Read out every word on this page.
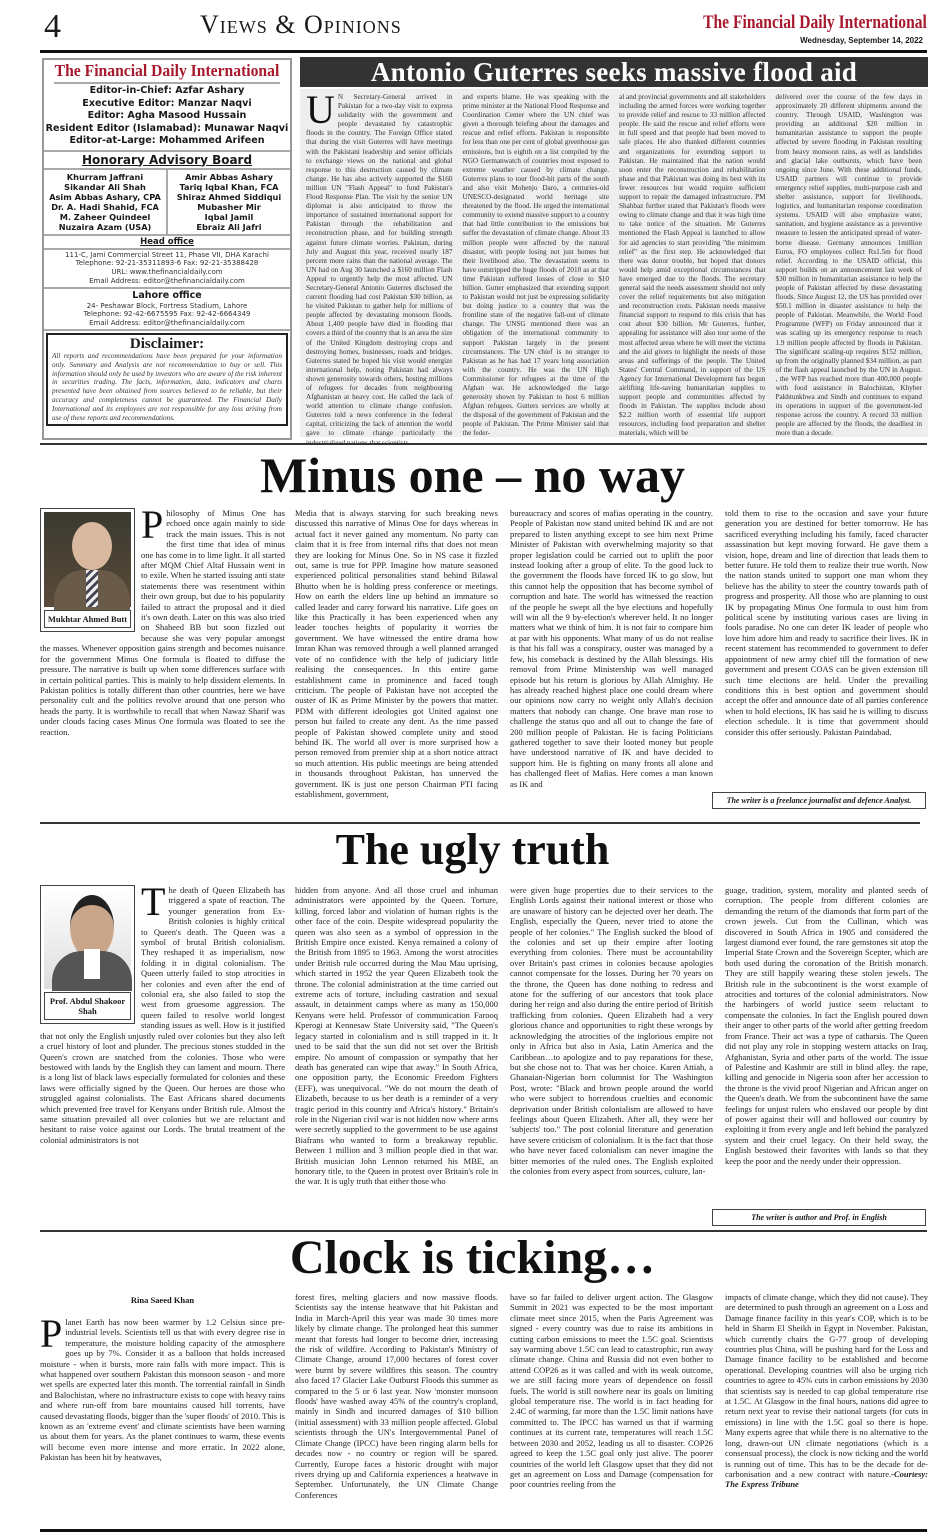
4	Views & Opinions	The Financial Daily International
Wednesday, September 14, 2022
The Financial Daily International
Editor-in-Chief: Azfar Ashary
Executive Editor: Manzar Naqvi
Editor: Agha Masood Hussain
Resident Editor (Islamabad): Munawar Naqvi
Editor-at-Large: Mohammed Arifeen
Honorary Advisory Board
Khurram Jaffrani
Sikandar Ali Shah
Asim Abbas Ashary, CPA
Dr. A. Hadi Shahid, FCA
M. Zaheer Quindeel
Nuzaira Azam (USA)
Amir Abbas Ashary
Tariq Iqbal Khan, FCA
Shiraz Ahmed Siddiqui
Mubasher Mir
Iqbal Jamil
Ebraiz Ali Jafri
Head office
111-C, Jami Commercial Street 11, Phase VII, DHA Karachi
Telephone: 92-21-35311893-6 Fax: 92-21-35388428
URL: www.thefinancialdaily.com
Email Address: editor@thefinancialdaily.com
Lahore office
24- Peshawar Block, Fortress Stadium, Lahore
Telephone: 92-42-6675595 Fax: 92-42-6664349
Email Address: editor@thefinancialdaily.com
Disclaimer:
All reports and recommendations have been prepared for your information only. Summary and Analysis are not recommendation to buy or sell. This information should only be used by investors who are aware of the risk inherent in securities trading. The facts, information, data, indicators and charts presented have been obtained from sources believed to be reliable, but their accuracy and completeness cannot be guaranteed. The Financial Daily International and its employees are not responsible for any loss arising from use of these reports and recommendations.
Antonio Guterres seeks massive flood aid
U N Secretary-General arrived in Pakistan for a two-day visit to express solidarity with the government and people devastated by catastrophic floods in the country. The Foreign Office stated that during the visit Guterres will have meetings with the Pakistani leadership and senior officials to exchange views on the national and global response to this destruction caused by climate change. He has also actively supported the $160 million UN "Flash Appeal" to fund Pakistan's Flood Response Plan. The visit by the senior UN diplomat is also anticipated to throw the importance of sustained international support for Pakistan through the rehabilitation and reconstruction phase, and for building strength against future climate worries. Pakistan, during July and August this year, received nearly 187 percent more rains than the national average. The UN had on Aug 30 launched a $160 million Flash Appeal to urgently help the most affected. UN Secretary-General Antonio Guterres disclosed the current flooding had cost Pakistan $30 billion, as he visited Pakistan to gather help for millions of people affected by devastating monsoon floods. About 1,400 people have died in flooding that covers a third of the country that is an area the size of the United Kingdom destroying crops and destroying homes, businesses, roads and bridges. Guterres stated he hoped his visit would energize international help, noting Pakistan had always shown generosity towards others, hosting millions of refugees for decades from neighbouring Afghanistan at heavy cost. He called the lack of world attention to climate change confusion. Guterres told a news conference in the federal capital, criticizing the lack of attention the world gave to climate change particularly the
and experts blame. He was speaking with the prime minister at the National Flood Response and Coordination Center where the UN chief was given a thorough briefing about the damages and rescue and relief efforts. Pakistan is responsible for less than one per cent of global greenhouse gas emissions, but is eighth on a list compiled by the NGO Germanwatch of countries most exposed to extreme weather caused by climate change. Guterres plans to tour flood-hit parts of the south and also visit Mohenjo Daro, a centuries-old UNESCO-designated world heritage site threatened by the flood. He urged the international community to extend massive support to a country that had little contribution to the emissions but suffer the devastation of climate change. About 33 million people were affected by the natural disaster, with people losing not just homes but their livelihood also. The devastation seems to have outstripped the huge floods of 2010 as at that time Pakistan suffered losses of close to $10 billion. Gutter emphasized that extending support to Pakistan would not just be expressing solidarity but doing justice to a country that was the frontline state of the negative fall-out of climate change. The UNSG mentioned there was an obligation of the international community to support Pakistan largely in the present circumstances. The UN chief is no stranger to Pakistan as he has had 17 years long association with the country. He was the UN High Commissioner for refugees at the time of the Afghan war. He acknowledged the large generosity shown by Pakistan to host 6 million Afghan refugees. Gutters services are wholly at the disposal of the government of Pakistan and the people of Pakistan. The Prime Minister said that the feder-
al and provincial governments and all stakeholders including the armed forces were working together to provide relief and rescue to 33 million affected people. He said the rescue and relief efforts were in full speed and that people had been moved to safe places. He also thanked different countries and organizations for extending support to Pakistan. He maintained that the nation would soon enter the reconstruction and rehabilitation phase and that Pakistan was doing its best with its fewer resources but would require sufficient support to repair the damaged infrastructure. PM Shahbaz further stated that Pakistan's floods were owing to climate change and that it was high time to take notice of the situation. Mr Guterres mentioned the Flash Appeal is launched to allow for aid agencies to start providing "the minimum relief" as the first step. He acknowledged that there was donor trouble, but hoped that donors would help amid exceptional circumstances that have emerged due to the floods. The secretary general said the needs assessment should not only cover the relief requirements but also mitigation and reconstruction costs. Pakistan needs massive financial support to respond to this crisis that has cost about $30 billion. Mr Guterres, further, appealing for assistance will also tour some of the most affected areas where he will meet the victims and the aid givers to highlight the needs of those areas and sufferings of the people. The United States' Central Command, in support of the US Agency for International Development has begun airlifting life-saving humanitarian supplies to support people and communities affected by floods in Pakistan. The supplies include about $2.2 million worth of essential life support resources, including food preparation and shelter materials, which will be
delivered over the course of the few days in approximately 20 different shipments around the country. Through USAID, Washington was providing an additional $20 million in humanitarian assistance to support the people affected by severe flooding in Pakistan resulting from heavy monsoon rains, as well as landslides and glacial lake outbursts, which have been ongoing since June. With these additional funds, USAID partners will continue to provide emergency relief supplies, multi-purpose cash and shelter assistance, support for livelihoods, logistics, and humanitarian response coordination systems. USAID will also emphasize water, sanitation, and hygiene assistance as a preventive measure to lessen the anticipated spread of water-borne disease. Germany announces 1million Euros, FO employees collect Rs1.5m for flood relief. According to the USAID official, this support builds on an announcement last week of $30 million in humanitarian assistance to help the people of Pakistan affected by these devastating floods. Since August 12, the US has provided over $50.1 million in disaster assistance to help the people of Pakistan. Meanwhile, the World Food Programme (WFP) on Friday announced that it was scaling up its emergency response to reach 1.9 million people affected by floods in Pakistan. The significant scaling-up requires $152 million, up from the originally planned $34 million, as part of the flash appeal launched by the UN in August. , the WFP has reached more than 400,000 people with food assistance in Balochistan, Khyber Pakhtunkhwa and Sindh and continues to expand its operations in support of the government-led response across the country. A record 33 million people are affected by the floods, the deadliest in more than a decade.
Minus one – no way
Mukhtar Ahmed Butt
Philosophy of Minus One has echoed once again mainly to side track the main issues. This is not the first time that idea of minus one has come in to lime light. It all started after MQM Chief Altaf Hussain went in to exile. When he started issuing anti state statements there was resentment within their own group, but due to his popularity failed to attract the proposal and it died it's own death. Later on this was also tried on Shaheed BB but soon fizzled out because she was very popular amongst the masses. Whenever opposition gains strength and becomes nuisance for the government Minus One formula is floated to diffuse the pressure. The narrative is built up when some differences surface with in certain political parties. This is mainly to help dissident elements. In Pakistan politics is totally different than other countries, here we have personality cult and the politics revolve around that one person who heads the party. It is worthwhile to recall that when Nawaz Sharif was under clouds facing cases Minus One formula was floated to see the reaction.
Media that is always starving for such breaking news discussed this narrative of Minus One for days whereas in actual fact it never gained any momentum. No party can claim that it is free from internal rifts that does not mean they are looking for Minus One. So in NS case it fizzled out, same is true for PPP. Imagine how mature seasoned experienced political personalities stand behind Bilawal Bhutto when he is holding press conference or meetings. How on earth the elders line up behind an immature so called leader and carry forward his narrative. Life goes on like this Practically it has been experienced when any leader touches heights of popularity it worries the government. We have witnessed the entire drama how Imran Khan was removed through a well planned arranged vote of no confidence with the help of judiciary little realising the consequences. In this entire game establishment came in prominence and faced tough criticism. The people of Pakistan have not accepted the ouster of IK as Prime Minister by the powers that matter. PDM with different ideologies got United against one person but failed to create any dent. As the time passed people of Pakistan showed complete unity and stood behind IK. The world all over is more surprised how a person removed from premier ship at a short notice attract so much attention. His public meetings are being attended in thousands throughout Pakistan, has unnerved the government. IK is just one person Chairman PTI facing establishment, government,
bureaucracy and scores of mafias operating in the country. People of Pakistan now stand united behind IK and are not prepared to listen anything except to see him next Prime Minister of Pakistan with overwhelming majority so that proper legislation could be carried out to uplift the poor instead looking after a group of elite. To the good luck to the government the floods have forced IK to go slow, but this cannot help the opposition that has become symbol of corruption and hate. The world has witnessed the reaction of the people he swept all the bye elections and hopefully will win all the 9 by-election's wherever held. It no longer matters what we think of him. It is not fair to compare him at par with his opponents. What many of us do not realise is that his fall was a conspiracy, ouster was managed by a few, his comeback is destined by the Allah blessings. His removal from Prime Ministership was well managed episode but his return is glorious by Allah Almighty. He has already reached highest place one could dream where our opinions now carry no weight only Allah's decision matters that nobody can change. One brave man rose to challenge the status quo and all out to change the fate of 200 million people of Pakistan. He is facing Politicians gathered together to save their looted money but people have understood narrative of IK and have decided to support him. He is fighting on many fronts all alone and has challenged fleet of Mafias. Here comes a man known as IK and
told them to rise to the occasion and save your future generation you are destined for better tomorrow. He has sacrificed everything including his family, faced character assassination but kept moving forward. He gave them a vision, hope, dream and line of direction that leads them to better future. He told them to realize their true worth. Now the nation stands united to support one man whom they believe has the ability to steer the country towards path of progress and prosperity. All those who are planning to oust IK by propagating Minus One formula to oust him from political scene by instituting various cases are living in fools paradise. No one can deter IK leader of people who love him adore him and ready to sacrifice their lives. IK in recent statement has recommended to government to defer appointment of new army chief till the formation of new government and present COAS can be given extension till such time elections are held. Under the prevailing conditions this is best option and government should accept the offer and announce date of all parties conference when to hold elections, IK has said he is willing to discuss election schedule. It is time that government should consider this offer seriously. Pakistan Paindabad.
The writer is a freelance journalist and defence Analyst.
The ugly truth
Prof. Abdul Shakoor Shah
The death of Queen Elizabeth has triggered a spate of reaction. The younger generation from Ex-British colonies is highly critical to Queen's death. The Queen was a symbol of brutal British colonialism. They reshaped it as imperialism, now folding it in digital colonialism. The Queen utterly failed to stop atrocities in her colonies and even after the end of colonial era, she also failed to stop the west from gruesome aggression. The queen failed to resolve world longest standing issues as well. How is it justified that not only the English unjustly ruled over colonies but they also left a cruel history of loot and plunder. The precious stones studded in the Queen's crown are snatched from the colonies. Those who were bestowed with lands by the English they can lament and mourn. There is a long list of black laws especially formulated for colonies and these laws were officially signed by the Queen. Our heroes are those who struggled against colonialists. The East Africans shared documents which prevented free travel for Kenyans under British rule. Almost the same situation prevailed all over colonies but we are reluctant and hesitant to raise voice against our Lords. The brutal treatment of the colonial administrators is not
hidden from anyone. And all those cruel and inhuman administrators were appointed by the Queen. Torture, killing, forced labor and violation of human rights is the other face of the coin. Despite widespread popularity the queen was also seen as a symbol of oppression in the British Empire once existed. Kenya remained a colony of the British from 1895 to 1963. Among the worst atrocities under British rule occurred during the Mau Mau uprising, which started in 1952 the year Queen Elizabeth took the throne. The colonial administration at the time carried out extreme acts of torture, including castration and sexual assault, in detainment camps where as many as 150,000 Kenyans were held. Professor of communication Farooq Kperogi at Kennesaw State University said, "The Queen's legacy started in colonialism and is still trapped in it. It used to be said that the sun did not set over the British empire. No amount of compassion or sympathy that her death has generated can wipe that away." In South Africa, one opposition party, the Economic Freedom Fighters (EFF), was unequivocal. "We do not mourn the death of Elizabeth, because to us her death is a reminder of a very tragic period in this country and Africa's history." Britain's role in the Nigerian civil war is not hidden now where arms were secretly supplied to the government to be use against Biafrans who wanted to form a breakaway republic. Between 1 million and 3 million people died in that war. British musician John Lennon returned his MBE, an honorary title, to the Queen in protest over Britain's role in the war. It is ugly truth that either those who
were given huge properties due to their services to the English Lords against their national interest or those who are unaware of history can be dejected over her death. The English, especially the Queen, never tried to atone the people of her colonies." The English sucked the blood of the colonies and set up their empire after looting everything from colonies. There must be accountability over Britain's past crimes in colonies because apologies cannot compensate for the losses. During her 70 years on the throne, the Queen has done nothing to redress and atone for the suffering of our ancestors that took place during her reign and also during the entire period of British trafficking from colonies. Queen Elizabeth had a very glorious chance and opportunities to right these wrongs by acknowledging the atrocities of the inglorious empire not only in Africa but also in Asia, Latin America and the Caribbean…to apologize and to pay reparations for these, but she chose not to. That was her choice. Karen Attiah, a Ghanaian-Nigerian born columnist for The Washington Post, wrote: "Black and brown people around the world who were subject to horrendous cruelties and economic deprivation under British colonialism are allowed to have feelings about Queen Elizabeth. After all, they were her 'subjects' too." The post colonial literature and generation have severe criticism of colonialism. It is the fact that those who have never faced colonialism can never imagine the bitter memories of the ruled ones. The English exploited the colonies from every aspect from sources, culture, lan-
guage, tradition, system, morality and planted seeds of corruption. The people from different colonies are demanding the return of the diamonds that form part of the crown jewels. Cut from the Cullinan, which was discovered in South Africa in 1905 and considered the largest diamond ever found, the rare gemstones sit atop the Imperial State Crown and the Sovereign Scepter, which are both used during the coronation of the British monarch. They are still happily wearing these stolen jewels. The British rule in the subcontinent is the worst example of atrocities and tortures of the colonial administrators. Now the harbingers of world justice seem reluctant to compensate the colonies. In fact the English poured down their anger to other parts of the world after getting freedom from France. Their act was a type of catharsis. The Queen did not play any role in stopping western attacks on Iraq, Afghanistan, Syria and other parts of the world. The issue of Palestine and Kashmir are still in blind alley. the rape, killing and genocide in Nigeria soon after her accession to the throne is the vivid proof Nigerian and African anger on the Queen's death. We from the subcontinent have the same feelings for unjust rulers who enslaved our people by dint of power against their will and hollowed our country by exploiting it from every angle and left behind the paralyzed system and their cruel legacy. On their held sway, the English bestowed their favorites with lands so that they keep the poor and the needy under their oppression.
The writer is author and Prof. in English
Clock is ticking…
Rina Saeed Khan
Planet Earth has now been warmer by 1.2 Celsius since pre-industrial levels. Scientists tell us that with every degree rise in temperature, the moisture holding capacity of the atmosphere goes up by 7%. Consider it as a balloon that holds increased moisture - when it bursts, more rain falls with more impact. This is what happened over southern Pakistan this monsoon season - and more wet spells are expected later this month. The torrential rainfall in Sindh and Balochistan, where no infrastructure exists to cope with heavy rains and where run-off from bare mountains caused hill torrents, have caused devastating floods, bigger than the 'super floods' of 2010. This is known as an 'extreme event' and climate scientists have been warning us about them for years. As the planet continues to warm, these events will become even more intense and more erratic. In 2022 alone, Pakistan has been hit by heatwaves,
forest fires, melting glaciers and now massive floods. Scientists say the intense heatwave that hit Pakistan and India in March-April this year was made 30 times more likely by climate change. The prolonged heat this summer meant that forests had longer to become drier, increasing the risk of wildfire. According to Pakistan's Ministry of Climate Change, around 17,000 hectares of forest cover were burnt by severe wildfires this season. The country also faced 17 Glacier Lake Outburst Floods this summer as compared to the 5 or 6 last year. Now 'monster monsoon floods' have washed away 45% of the country's cropland, mainly in Sindh and incurred damages of $10 billion (initial assessment) with 33 million people affected. Global scientists through the UN's Intergovernmental Panel of Climate Change (IPCC) have been ringing alarm bells for decades now - no country or region will be spared. Currently, Europe faces a historic drought with major rivers drying up and California experiences a heatwave in September. Unfortunately, the UN Climate Change Conferences
have so far failed to deliver urgent action. The Glasgow Summit in 2021 was expected to be the most important climate meet since 2015, when the Paris Agreement was signed - every country was due to raise its ambitions in cutting carbon emissions to meet the 1.5C goal. Scientists say warming above 1.5C can lead to catastrophic, run away climate change. China and Russia did not even bother to attend COP26 as it was called and with its weak outcome, we are still facing more years of dependence on fossil fuels. The world is still nowhere near its goals on limiting global temperature rise. The world is in fact heading for 2.4C of warming, far more than the 1.5C limit nations have committed to. The IPCC has warned us that if warming continues at its current rate, temperatures will reach 1.5C between 2030 and 2052, leading us all to disaster. COP26 agreed to keep the 1.5C goal only just alive. The poorer countries of the world left Glasgow upset that they did not get an agreement on Loss and Damage (compensation for poor countries reeling from the
impacts of climate change, which they did not cause). They are determined to push through an agreement on a Loss and Damage finance facility in this year's COP, which is to be held in Sharm El Sheikh in Egypt in November. Pakistan, which currently chairs the G-77 group of developing countries plus China, will be pushing hard for the Loss and Damage finance facility to be established and become operational. Developing countries will also be urging rich countries to agree to 45% cuts in carbon emissions by 2030 that scientists say is needed to cap global temperature rise at 1.5C. At Glasgow in the final hours, nations did agree to return next year to revise their national targets (for cuts in emissions) in line with the 1.5C goal so there is hope. Many experts agree that while there is no alternative to the long, drawn-out UN climate negotiations (which is a consensual process), the clock is now ticking and the world is running out of time. This has to be the decade for de-carbonisation and a new contract with nature.-Courtesy: The Express Tribune
